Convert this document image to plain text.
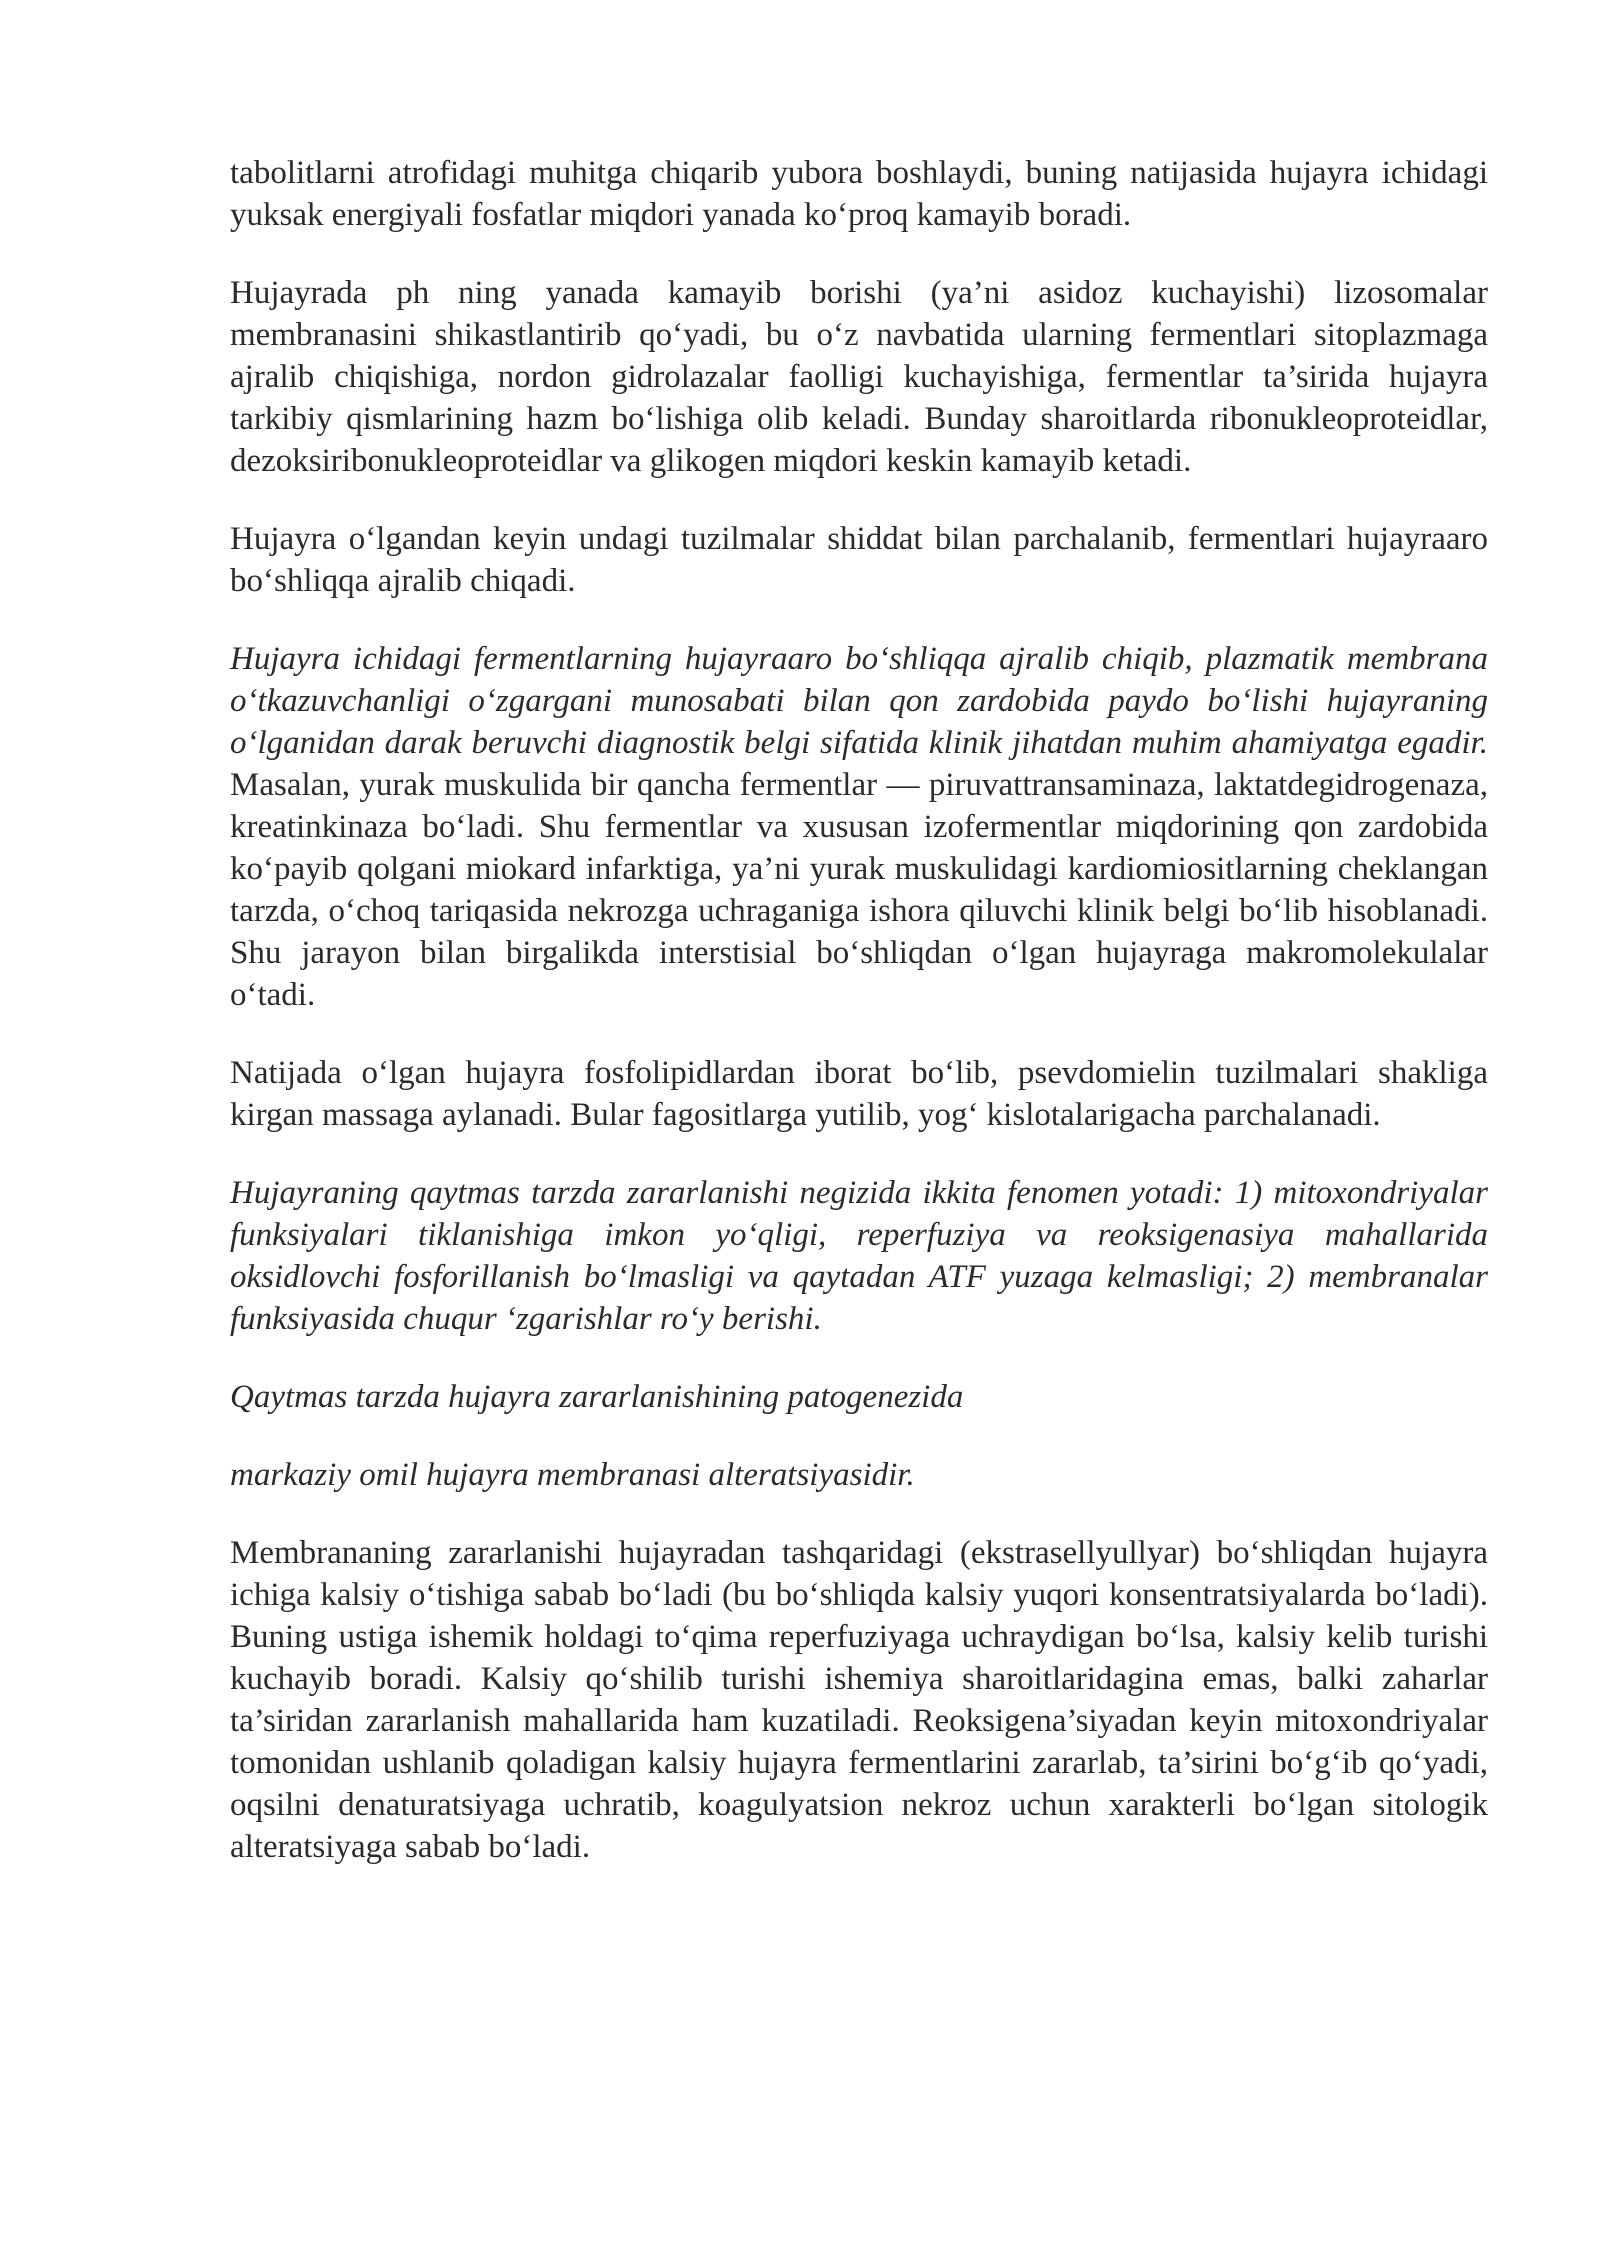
tabolitlarni atrofidagi muhitga chiqarib yubora boshlaydi, buning natijasida hujayra ichidagi yuksak energiyali fosfatlar miqdori yanada koʻproq kamayib boradi.

Hujayrada ph ning yanada kamayib borishi (ya’ni asidoz kuchayishi) lizosomalar membranasini shikastlantirib qoʻyadi, bu oʻz navbatida ularning fermentlari sitoplazmaga ajralib chiqishiga, nordon gidrolazalar faolligi kuchayishiga, fermentlar ta’sirida hujayra tarkibiy qismlarining hazm boʻlishiga olib keladi. Bunday sharoitlarda ribonukleoproteidlar, dezoksiribonukleoproteidlar va glikogen miqdori keskin kamayib ketadi.

Hujayra oʻlgandan keyin undagi tuzilmalar shiddat bilan parchalanib, fermentlari hujayraaro boʻshliqqa ajralib chiqadi.

Hujayra ichidagi fermentlarning hujayraaro boʻshliqqa ajralib chiqib, plazmatik membrana oʻtkazuvchanligi oʻzgargani munosabati bilan qon zardobida paydo boʻlishi hujayraning oʻlganidan darak beruvchi diagnostik belgi sifatida klinik jihatdan muhim ahamiyatga egadir. Masalan, yurak muskulida bir qancha fermentlar — piruvattransaminaza, laktatdegidrogenaza, kreatinkinaza boʻladi. Shu fermentlar va xususan izofermentlar miqdorining qon zardobida koʻpayib qolgani miokard infarktiga, ya’ni yurak muskulidagi kardiomiositlarning cheklangan tarzda, oʻchoq tariqasida nekrozga uchraganiga ishora qiluvchi klinik belgi boʻlib hisoblanadi. Shu jarayon bilan birgalikda interstisial boʻshliqdan oʻlgan hujayraga makromolekulalar oʻtadi.

Natijada oʻlgan hujayra fosfolipidlardan iborat boʻlib, psevdomielin tuzilmalari shakliga kirgan massaga aylanadi. Bular fagositlarga yutilib, yogʻ kislotalarigacha parchalanadi.

Hujayraning qaytmas tarzda zararlanishi negizida ikkita fenomen yotadi: 1) mitoxondriyalar funksiyalari tiklanishiga imkon yoʻqligi, reperfuziya va reoksigenasiya mahallarida oksidlovchi fosforillanish boʻlmasligi va qaytadan ATF yuzaga kelmasligi; 2) membranalar funksiyasida chuqur ʻzgarishlar roʻy berishi.

Qaytmas tarzda hujayra zararlanishining patogenezida

markaziy omil hujayra membranasi alteratsiyasidir.

Membrananing zararlanishi hujayradan tashqaridagi (ekstrasellyullyar) boʻshliqdan hujayra ichiga kalsiy oʻtishiga sabab boʻladi (bu boʻshliqda kalsiy yuqori konsentratsiyalarda boʻladi). Buning ustiga ishemik holdagi toʻqima reperfuziyaga uchraydigan boʻlsa, kalsiy kelib turishi kuchayib boradi. Kalsiy qoʻshilib turishi ishemiya sharoitlaridagina emas, balki zaharlar ta’siridan zararlanish mahallarida ham kuzatiladi. Reoksigena’siyadan keyin mitoxondriyalar tomonidan ushlanib qoladigan kalsiy hujayra fermentlarini zararlab, ta’sirini boʻgʻib qoʻyadi, oqsilni denaturatsiyaga uchratib, koagulyatsion nekroz uchun xarakterli boʻlgan sitologik alteratsiyaga sabab boʻladi.
